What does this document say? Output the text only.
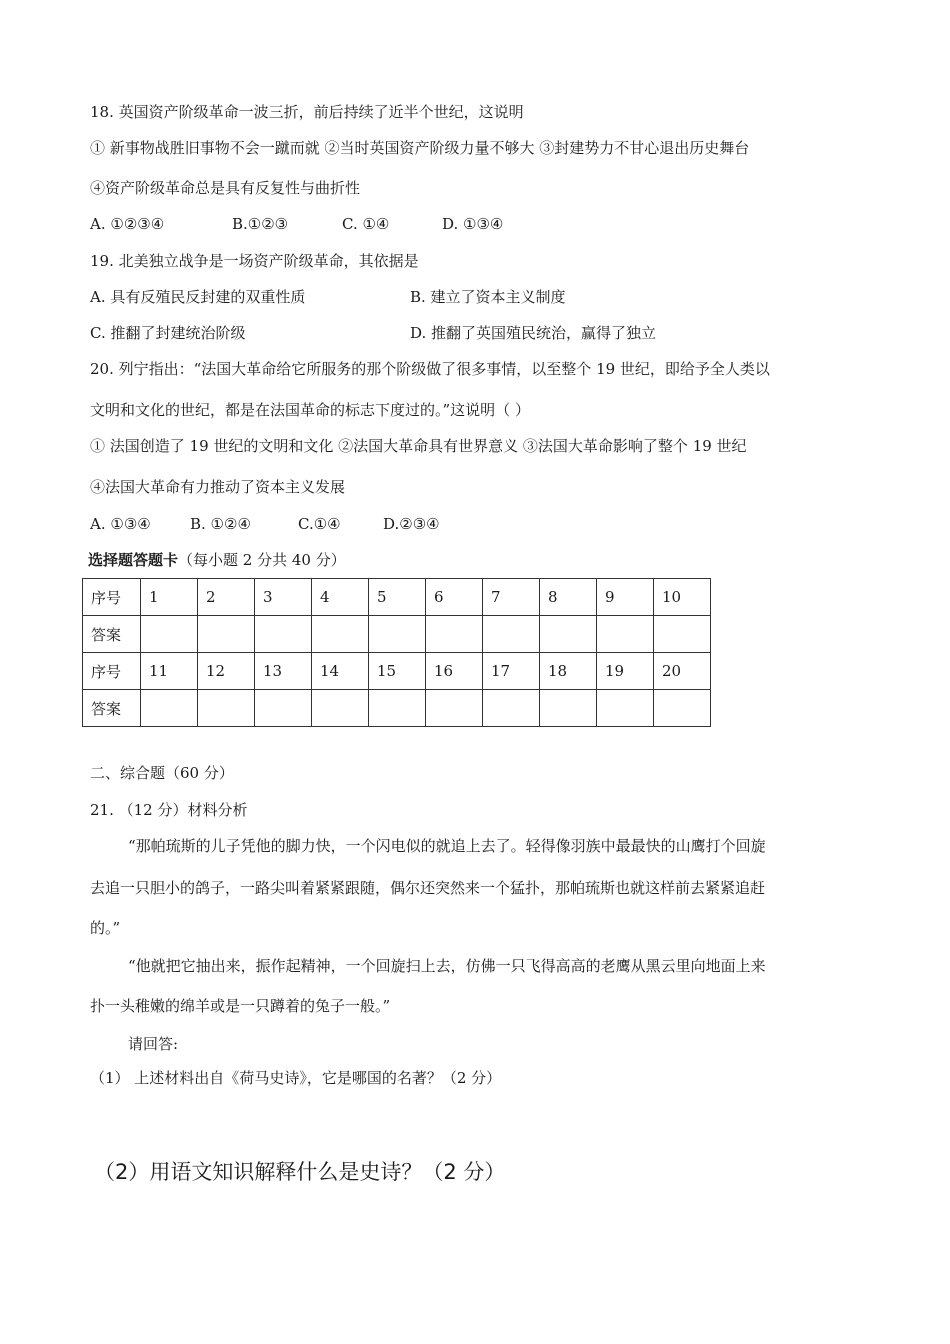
18. 英国资产阶级革命一波三折，前后持续了近半个世纪，这说明
① 新事物战胜旧事物不会一蹴而就 ②当时英国资产阶级力量不够大 ③封建势力不甘心退出历史舞台
④资产阶级革命总是具有反复性与曲折性
A. ①②③④	B.①②③	C. ①④	D. ①③④
19. 北美独立战争是一场资产阶级革命，其依据是
A. 具有反殖民反封建的双重性质	B. 建立了资本主义制度
C. 推翻了封建统治阶级	D. 推翻了英国殖民统治，赢得了独立
20. 列宁指出：“法国大革命给它所服务的那个阶级做了很多事情，以至整个 19 世纪，即给予全人类以
文明和文化的世纪，都是在法国革命的标志下度过的。”这说明（ ）
① 法国创造了 19 世纪的文明和文化 ②法国大革命具有世界意义 ③法国大革命影响了整个 19 世纪
④法国大革命有力推动了资本主义发展
A. ①③④	B. ①②④	C.①④	D.②③④
选择题答题卡（每小题 2 分共 40 分）
序号	1	2	3	4	5	6	7	8	9	10
答案										
序号	11	12	13	14	15	16	17	18	19	20
答案										
二、综合题（60 分）
21. （12 分）材料分析
“那帕琉斯的儿子凭他的脚力快，一个闪电似的就追上去了。轻得像羽族中最最快的山鹰打个回旋
去追一只胆小的鸽子，一路尖叫着紧紧跟随，偶尔还突然来一个猛扑，那帕琉斯也就这样前去紧紧追赶
的。”
“他就把它抽出来，振作起精神，一个回旋扫上去，仿佛一只飞得高高的老鹰从黑云里向地面上来
扑一头稚嫩的绵羊或是一只蹲着的兔子一般。”
请回答:
（1） 上述材料出自《荷马史诗》，它是哪国的名著？（2 分）
（2）用语文知识解释什么是史诗？（2 分）
